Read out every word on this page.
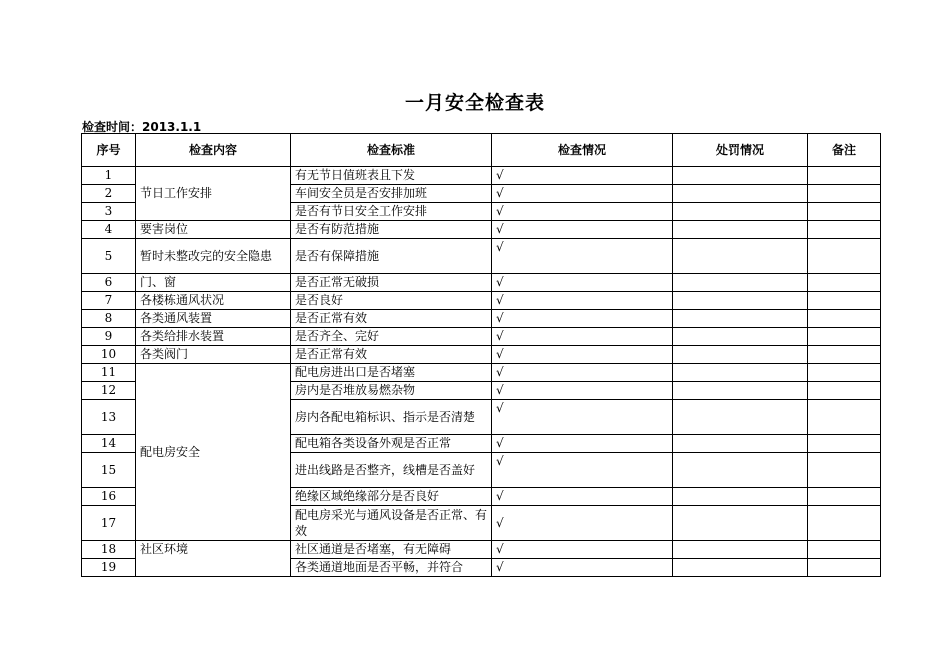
一月安全检查表
检查时间：2013.1.1
序号	检查内容	检查标准	检查情况	处罚情况	备注
1	节日工作安排	有无节日值班表且下发	√		
2		车间安全员是否安排加班	√		
3		是否有节日安全工作安排	√		
4	要害岗位	是否有防范措施	√		
5	暂时未整改完的安全隐患	是否有保障措施	√		
6	门、窗	是否正常无破损	√		
7	各楼栋通风状况	是否良好	√		
8	各类通风装置	是否正常有效	√		
9	各类给排水装置	是否齐全、完好	√		
10	各类阀门	是否正常有效	√		
11	配电房安全	配电房进出口是否堵塞	√		
12		房内是否堆放易燃杂物	√		
13		房内各配电箱标识、指示是否清楚	√		
14		配电箱各类设备外观是否正常	√		
15		进出线路是否整齐，线槽是否盖好	√		
16		绝缘区域绝缘部分是否良好	√		
17		配电房采光与通风设备是否正常、有效	√		
18	社区环境	社区通道是否堵塞，有无障碍	√		
19		各类通道地面是否平畅，并符合	√		
